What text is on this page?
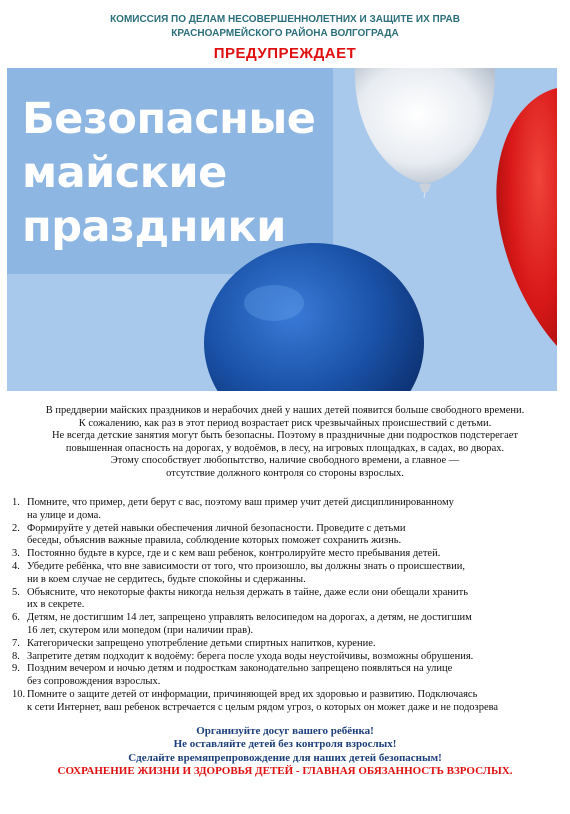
КОМИССИЯ ПО ДЕЛАМ НЕСОВЕРШЕННОЛЕТНИХ И ЗАЩИТЕ ИХ ПРАВ
КРАСНОАРМЕЙСКОГО РАЙОНА ВОЛГОГРАДА
ПРЕДУПРЕЖДАЕТ
Безопасные
майские
праздники
В преддверии майских праздников и нерабочих дней у наших детей появится больше свободного времени.
К сожалению, как раз в этот период возрастает риск чрезвычайных происшествий с детьми.
Не всегда детские занятия могут быть безопасны. Поэтому в праздничные дни подростков подстерегает
повышенная опасность на дорогах, у водоёмов, в лесу, на игровых площадках, в садах, во дворах.
Этому способствует любопытство, наличие свободного времени, а главное —
отсутствие должного контроля со стороны взрослых.
1. Помните, что пример, дети берут с вас, поэтому ваш пример учит детей дисциплинированному
на улице и дома.
2. Формируйте у детей навыки обеспечения личной безопасности. Проведите с детьми
беседы, объяснив важные правила, соблюдение которых поможет сохранить жизнь.
3. Постоянно будьте в курсе, где и с кем ваш ребенок, контролируйте место пребывания детей.
4. Убедите ребёнка, что вне зависимости от того, что произошло, вы должны знать о происшествии,
ни в коем случае не сердитесь, будьте спокойны и сдержанны.
5. Объясните, что некоторые факты никогда нельзя держать в тайне, даже если они обещали хранить
их в секрете.
6. Детям, не достигшим 14 лет, запрещено управлять велосипедом на дорогах, а детям, не достигшим
16 лет, скутером или мопедом (при наличии прав).
7. Категорически запрещено употребление детьми спиртных напитков, курение.
8. Запретите детям подходит к водоёму: берега после ухода воды неустойчивы, возможны обрушения.
9. Поздним вечером и ночью детям и подросткам законодательно запрещено появляться на улице
без сопровождения взрослых.
10. Помните о защите детей от информации, причиняющей вред их здоровью и развитию. Подключаясь
к сети Интернет, ваш ребенок встречается с целым рядом угроз, о которых он может даже и не подозрева
Организуйте досуг вашего ребёнка!
Не оставляйте детей без контроля взрослых!
Сделайте времяпрепровождение для наших детей безопасным!
СОХРАНЕНИЕ ЖИЗНИ И ЗДОРОВЬЯ ДЕТЕЙ - ГЛАВНАЯ ОБЯЗАННОСТЬ ВЗРОСЛЫХ.
